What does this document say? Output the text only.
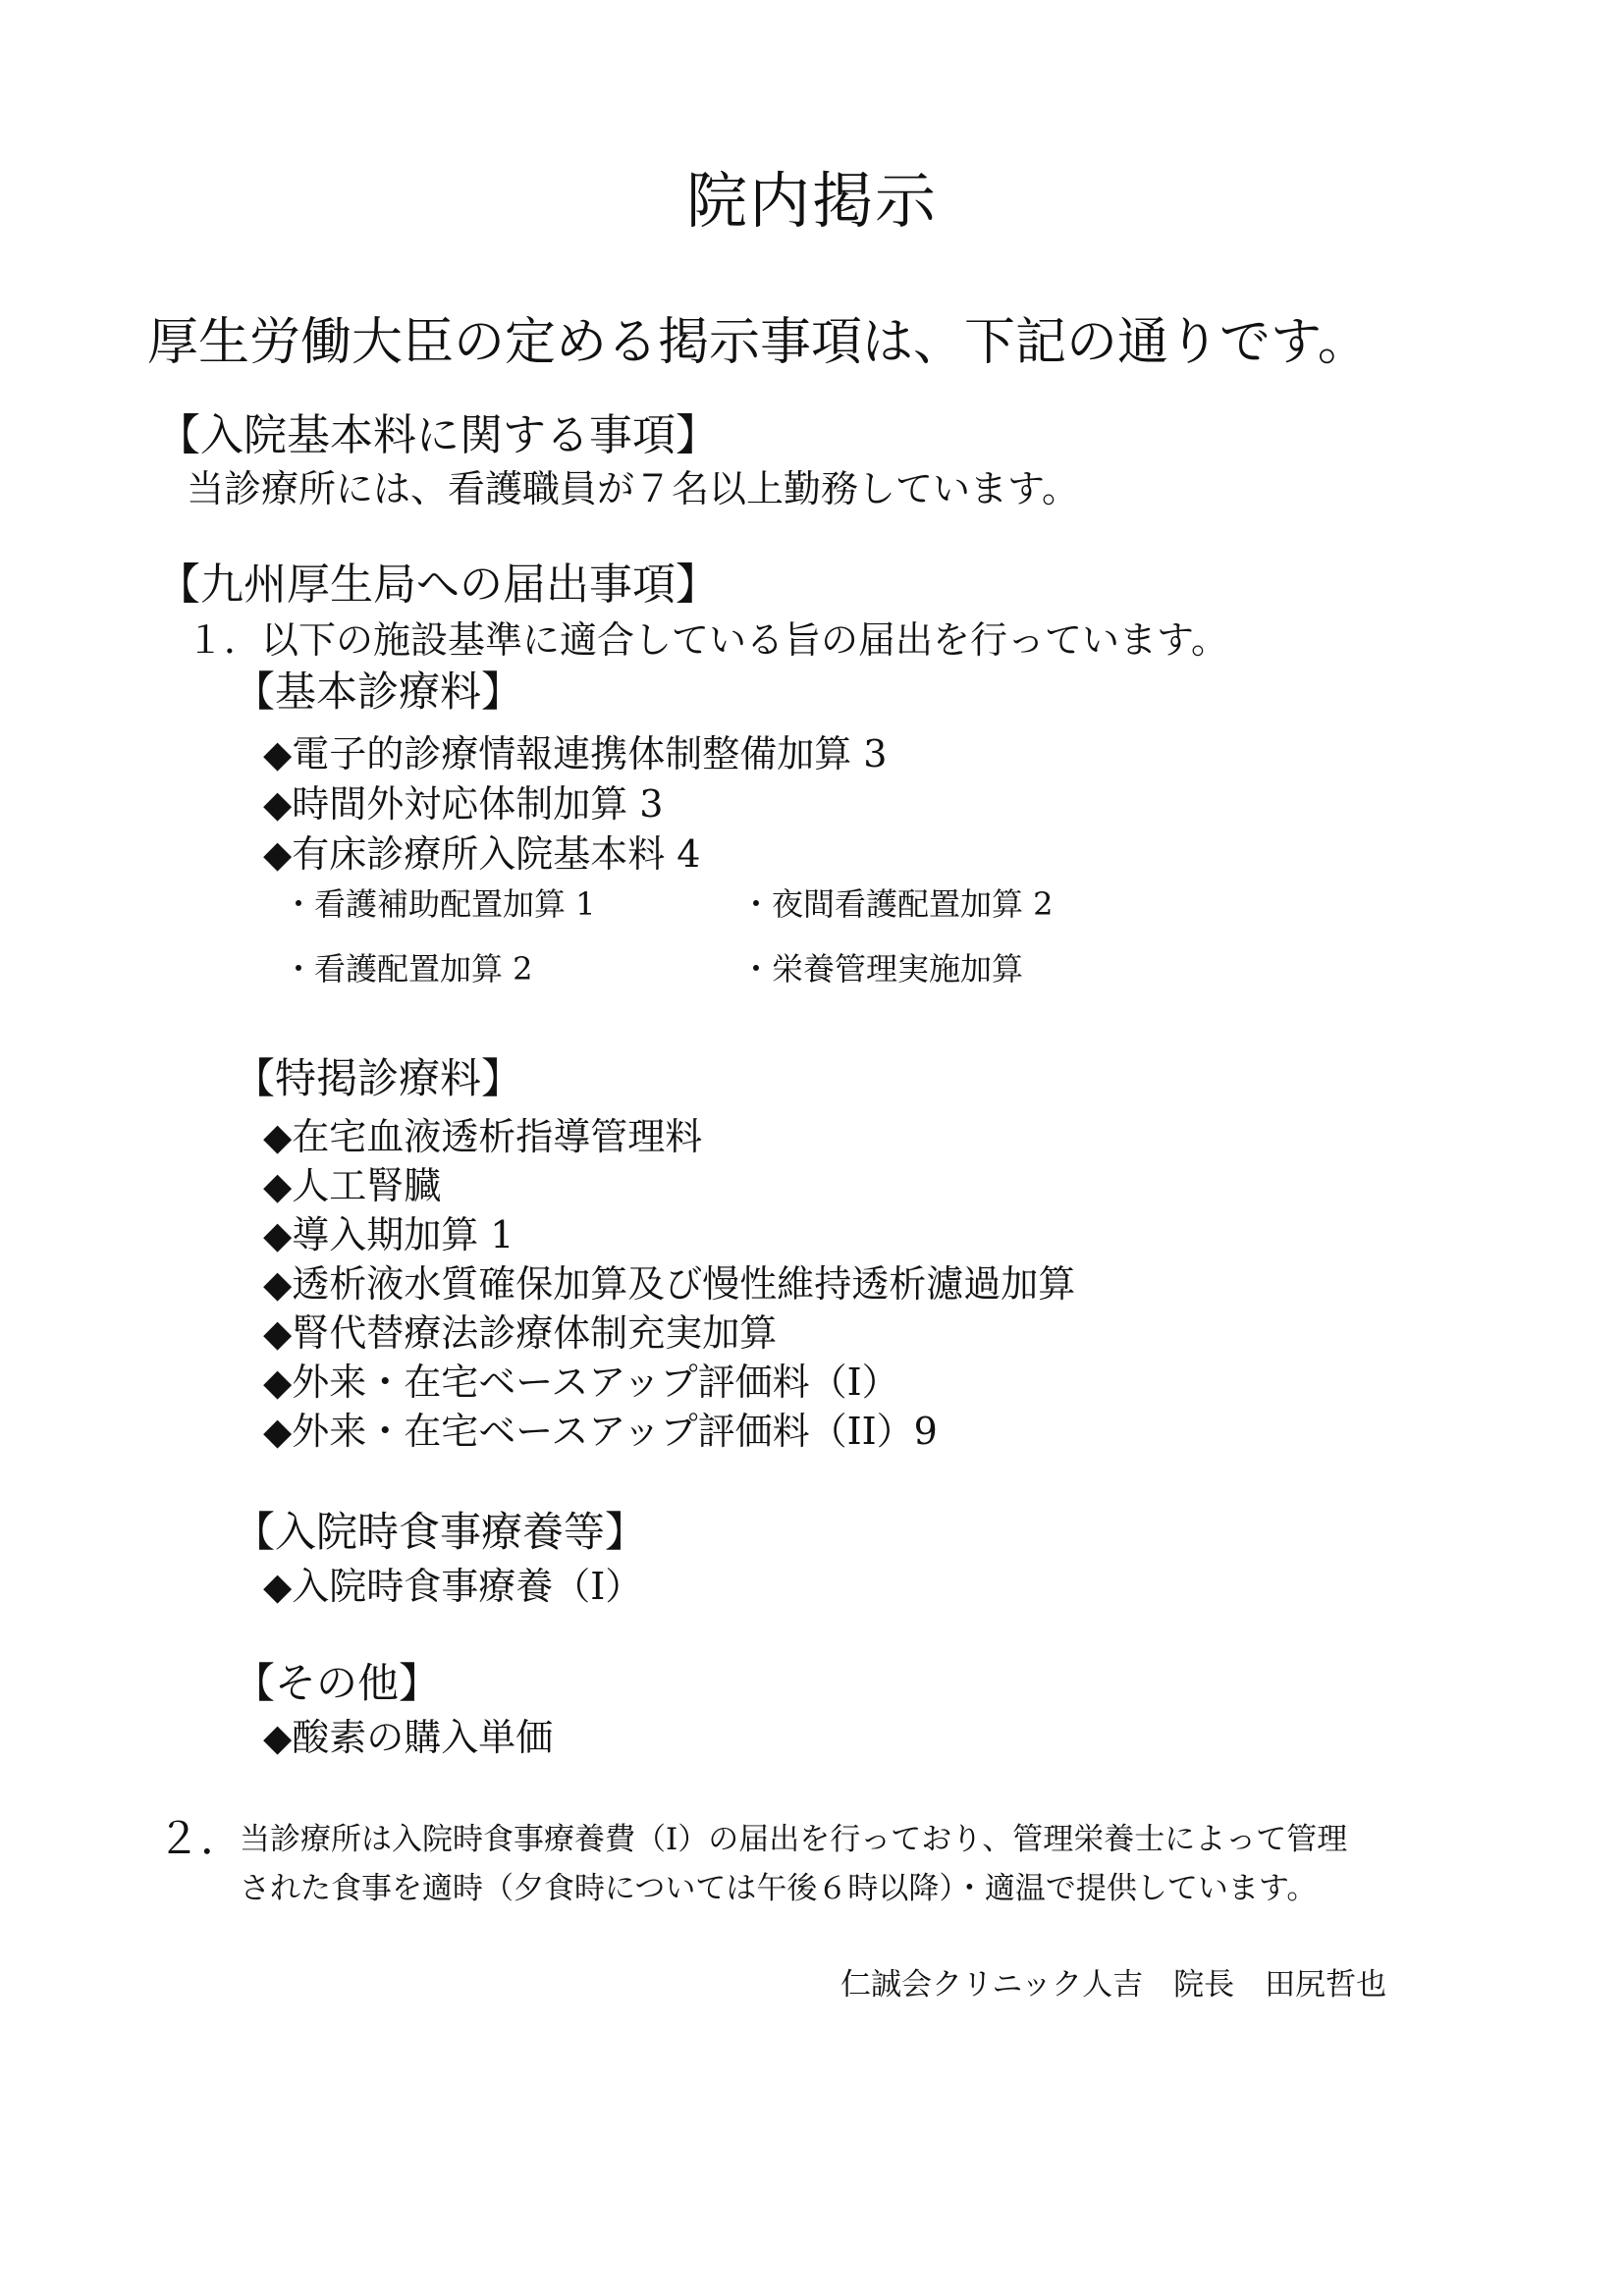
院内掲示
厚生労働大臣の定める掲示事項は、下記の通りです。
【入院基本料に関する事項】
当診療所には、看護職員が７名以上勤務しています。
【九州厚生局への届出事項】
１．以下の施設基準に適合している旨の届出を行っています。
【基本診療料】
◆電子的診療情報連携体制整備加算 3
◆時間外対応体制加算 3
◆有床診療所入院基本料 4
・看護補助配置加算 1	・夜間看護配置加算 2
・看護配置加算 2	・栄養管理実施加算
【特掲診療料】
◆在宅血液透析指導管理料
◆人工腎臓
◆導入期加算 1
◆透析液水質確保加算及び慢性維持透析濾過加算
◆腎代替療法診療体制充実加算
◆外来・在宅ベースアップ評価料（Ⅰ）
◆外来・在宅ベースアップ評価料（II）9
【入院時食事療養等】
◆入院時食事療養（Ⅰ）
【その他】
◆酸素の購入単価
２．
当診療所は入院時食事療養費（Ⅰ）の届出を行っており、管理栄養士によって管理
された食事を適時（夕食時については午後６時以降）・適温で提供しています。
仁誠会クリニック人吉　院長　田尻哲也
